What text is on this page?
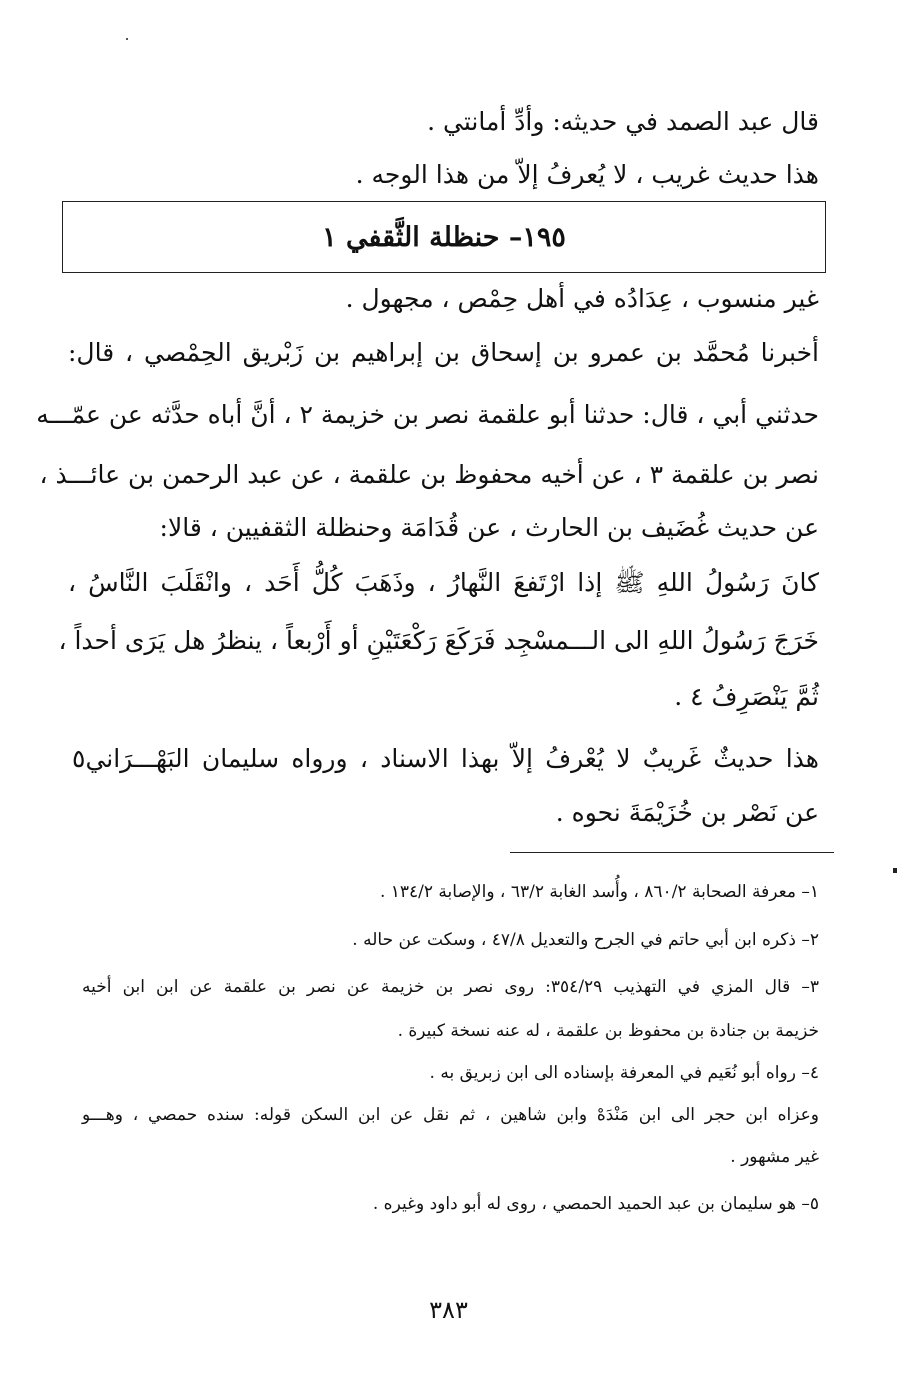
قال عبد الصمد في حديثه: وأدِّ أمانتي .
هذا حديث غريب ، لا يُعرفُ إلاّ من هذا الوجه .
١٩٥– حنظلة الثَّقفي ١
غير منسوب ، عِدَادُه في أهل حِمْص ، مجهول .
أخبرنا مُحمَّد بن عمرو بن إسحاق بن إبراهيم بن زَبْريق الحِمْصي ، قال:
حدثني أبي ، قال: حدثنا أبو علقمة نصر بن خزيمة ٢ ، أنَّ أباه حدَّثه عن عمّـــه
نصر بن علقمة ٣ ، عن أخيه محفوظ بن علقمة ، عن عبد الرحمن بن عائـــذ ،
عن حديث غُضَيف بن الحارث ، عن قُدَامَة وحنظلة الثقفيين ، قالا:
كانَ رَسُولُ اللهِ ﷺ إذا ارْتَفعَ النَّهارُ ، وذَهَبَ كُلُّ أَحَد ، وانْقَلَبَ النَّاسُ ،
خَرَجَ رَسُولُ اللهِ الى الـــمسْجِد فَرَكَعَ رَكْعَتَيْنِ أو أَرْبعاً ، ينظرُ هل يَرَى أحداً ،
ثُمَّ يَنْصَرِفُ ٤ .
هذا حديثٌ غَريبٌ لا يُعْرفُ إلاّ بهذا الاسناد ، ورواه سليمان البَهْـــرَاني٥
عن نَصْر بن خُزَيْمَةَ نحوه .
١– معرفة الصحابة ٨٦٠/٢ ، وأُسد الغابة ٦٣/٢ ، والإصابة ١٣٤/٢ .
٢– ذكره ابن أبي حاتم في الجرح والتعديل ٤٧/٨ ، وسكت عن حاله .
٣– قال المزي في التهذيب ٣٥٤/٢٩: روى نصر بن خزيمة عن نصر بن علقمة عن ابن ابن أخيه
خزيمة بن جنادة بن محفوظ بن علقمة ، له عنه نسخة كبيرة .
٤– رواه أبو نُعَيم في المعرفة بإسناده الى ابن زبريق به .
وعزاه ابن حجر الى ابن مَنْدَهْ وابن شاهين ، ثم نقل عن ابن السكن قوله: سنده حمصي ، وهـــو
غير مشهور .
٥– هو سليمان بن عبد الحميد الحمصي ، روى له أبو داود وغيره .
٣٨٣
